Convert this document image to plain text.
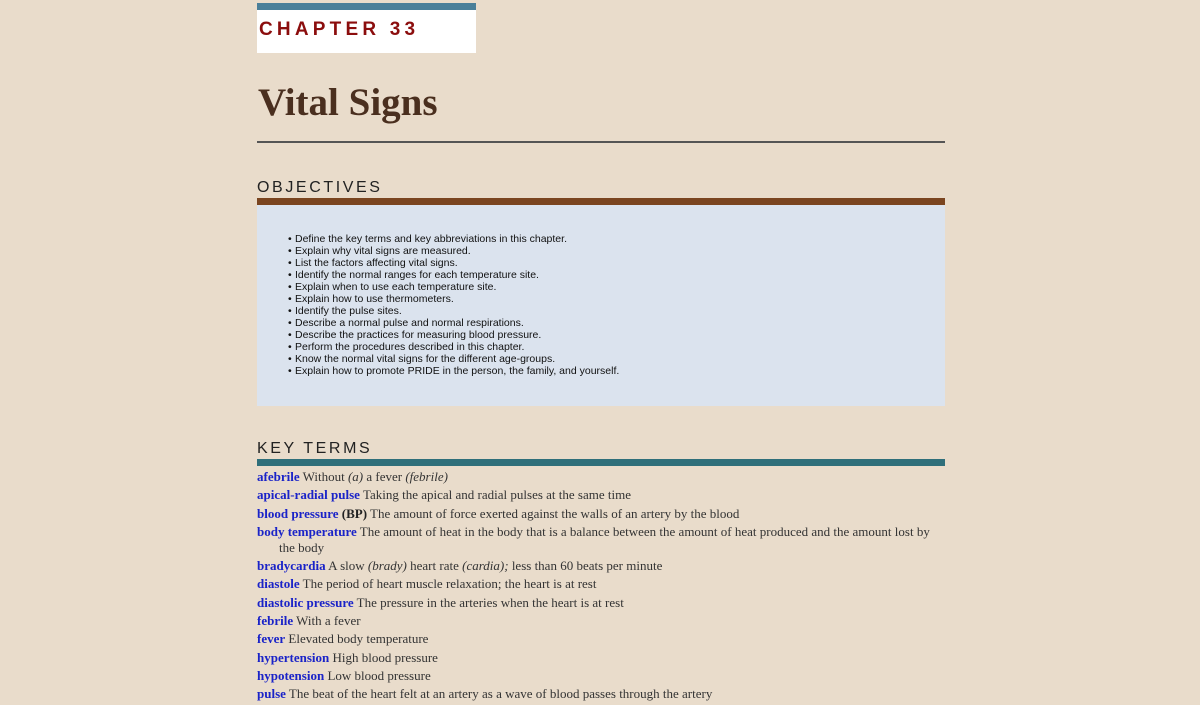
CHAPTER 33
Vital Signs
OBJECTIVES
• Define the key terms and key abbreviations in this chapter.
• Explain why vital signs are measured.
• List the factors affecting vital signs.
• Identify the normal ranges for each temperature site.
• Explain when to use each temperature site.
• Explain how to use thermometers.
• Identify the pulse sites.
• Describe a normal pulse and normal respirations.
• Describe the practices for measuring blood pressure.
• Perform the procedures described in this chapter.
• Know the normal vital signs for the different age-groups.
• Explain how to promote PRIDE in the person, the family, and yourself.
KEY TERMS

afebrile Without (a) a fever (febrile)

apical-radial pulse Taking the apical and radial pulses at the same time

blood pressure (BP) The amount of force exerted against the walls of an artery by the blood

body temperature The amount of heat in the body that is a balance between the amount of heat produced and the amount lost by the body

bradycardia A slow (brady) heart rate (cardia); less than 60 beats per minute

diastole The period of heart muscle relaxation; the heart is at rest

diastolic pressure The pressure in the arteries when the heart is at rest

febrile With a fever

fever Elevated body temperature

hypertension High blood pressure

hypotension Low blood pressure

pulse The beat of the heart felt at an artery as a wave of blood passes through the artery
